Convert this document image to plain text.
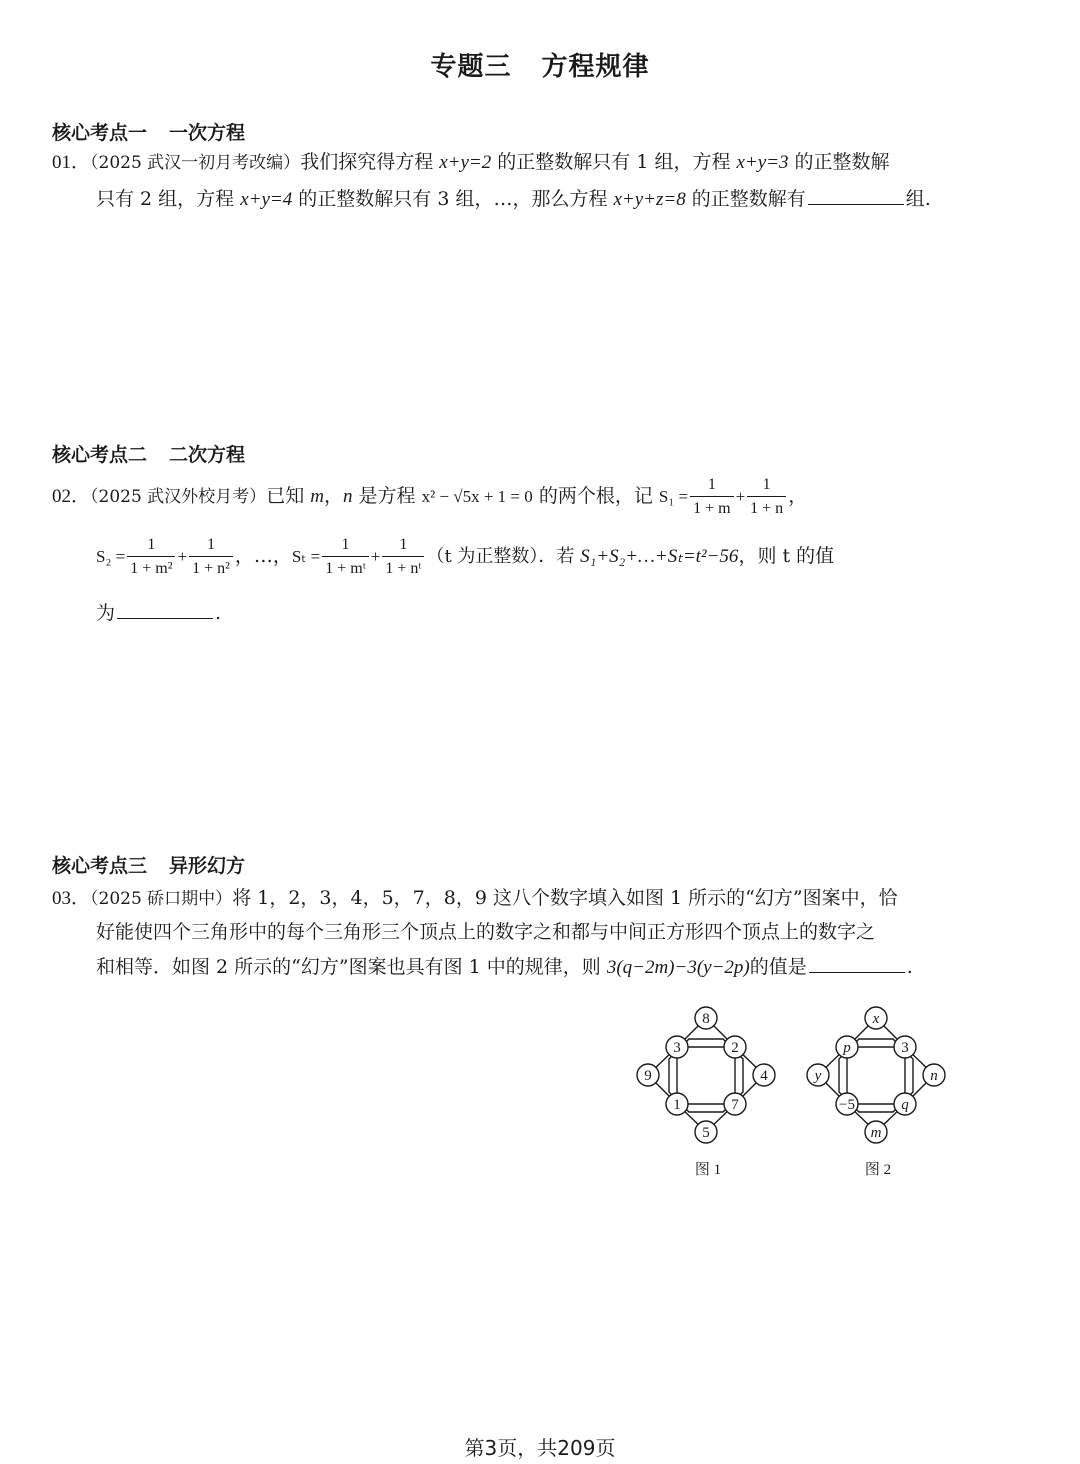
专题三 方程规律
核心考点一 一次方程
01．（2025 武汉一初月考改编）我们探究得方程 x+y=2 的正整数解只有 1 组，方程 x+y=3 的正整数解
只有 2 组，方程 x+y=4 的正整数解只有 3 组，…，那么方程 x+y+z=8 的正整数解有	组.
核心考点二 二次方程
02．（2025 武汉外校月考）已知 m，n 是方程 x² − √5x + 1 = 0 的两个根，记 $S_1 = \frac{1}{1 + m} + \frac{1}{1 + n}$ ，
$S_2 = \frac{1}{\text{1 + m²}} + \frac{1}{\text{1 + n²}}$ ，…，$S_t = \frac{1}{\text{1 + mᵗ}} + \frac{1}{\text{1 + nᵗ}} (t$ 为正整数）．若 S₁+S₂+…+Sₜ=t²−56，则 t 的值
为	.
核心考点三 异形幻方
03．（2025 硚口期中）将 1，2，3，4，5，7，8，9 这八个数字填入如图 1 所示的“幻方”图案中，恰
好能使四个三角形中的每个三角形三个顶点上的数字之和都与中间正方形四个顶点上的数字之
和相等．如图 2 所示的“幻方”图案也具有图 1 中的规律，则 3(q−2m)−3(y−2p)的值是	.
8
3	2
9	4
1	7
5
图 1
x
p	3
y	n
−5	q
m
图 2
第3页，共209页
